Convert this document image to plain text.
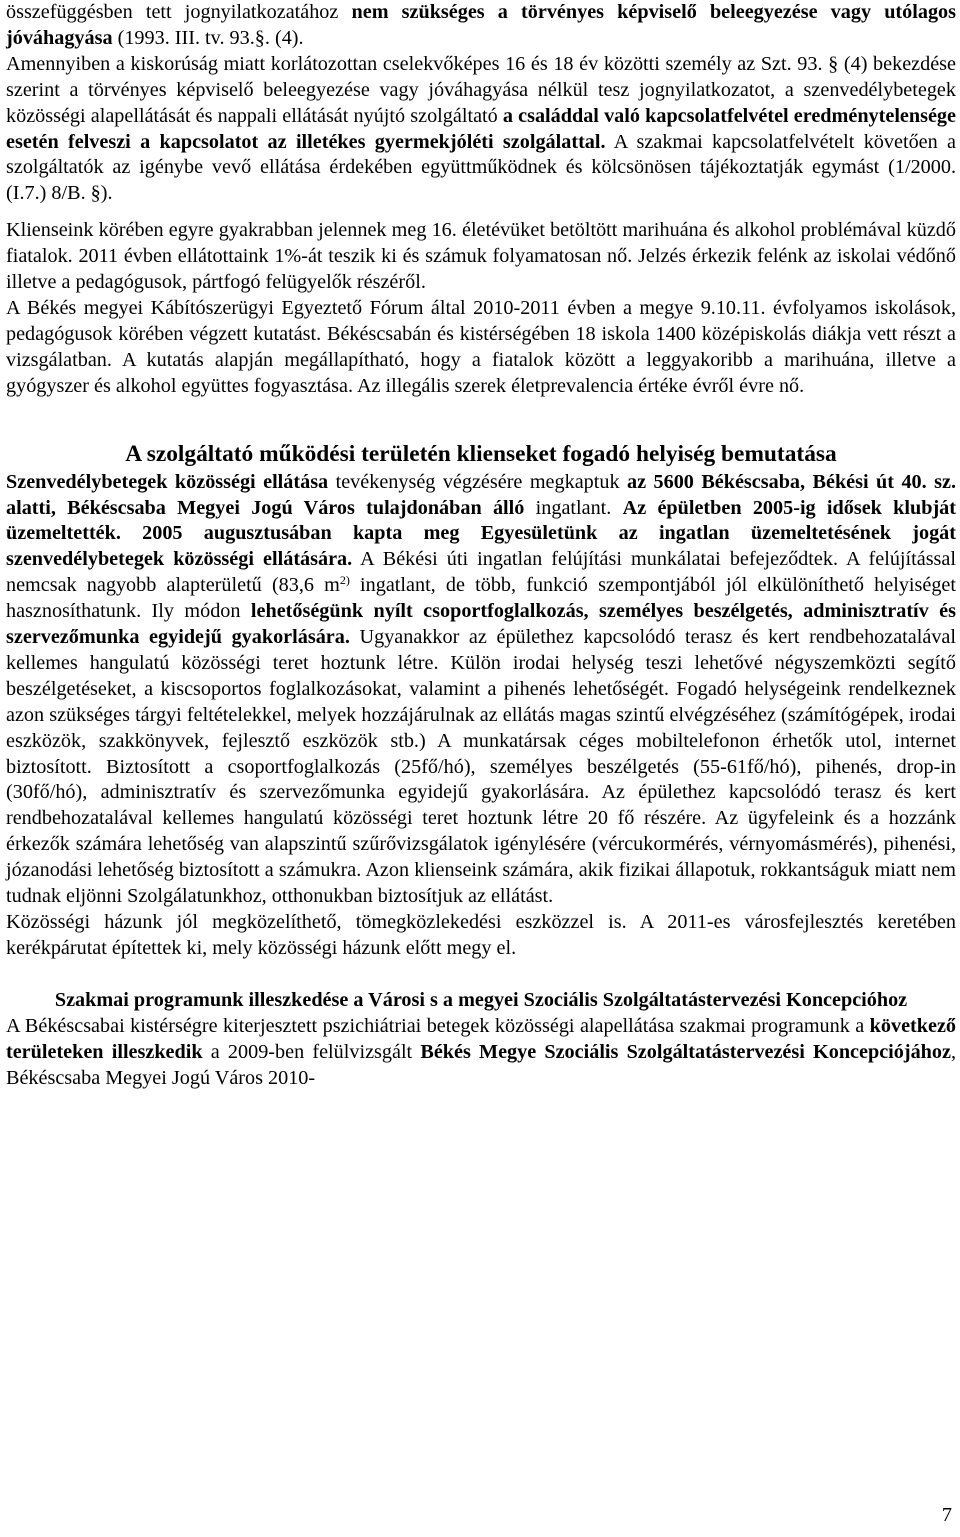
összefüggésben tett jognyilatkozatához nem szükséges a törvényes képviselő beleegyezése vagy utólagos jóváhagyása (1993. III. tv. 93.§. (4).
Amennyiben a kiskorúság miatt korlátozottan cselekvőképes 16 és 18 év közötti személy az Szt. 93. § (4) bekezdése szerint a törvényes képviselő beleegyezése vagy jóváhagyása nélkül tesz jognyilatkozatot, a szenvedélybetegek közösségi alapellátását és nappali ellátását nyújtó szolgáltató a családdal való kapcsolatfelvétel eredménytelensége esetén felveszi a kapcsolatot az illetékes gyermekjóléti szolgálattal. A szakmai kapcsolatfelvételt követően a szolgáltatók az igénybe vevő ellátása érdekében együttműködnek és kölcsönösen tájékoztatják egymást (1/2000. (I.7.) 8/B. §).

Klienseink körében egyre gyakrabban jelennek meg 16. életévüket betöltött marihuána és alkohol problémával küzdő fiatalok. 2011 évben ellátottaink 1%-át teszik ki és számuk folyamatosan nő. Jelzés érkezik felénk az iskolai védőnő illetve a pedagógusok, pártfogó felügyelők részéről.
A Békés megyei Kábítószerügyi Egyeztető Fórum által 2010-2011 évben a megye 9.10.11. évfolyamos iskolások, pedagógusok körében végzett kutatást. Békéscsabán és kistérségében 18 iskola 1400 középiskolás diákja vett részt a vizsgálatban. A kutatás alapján megállapítható, hogy a fiatalok között a leggyakoribb a marihuána, illetve a gyógyszer és alkohol együttes fogyasztása. Az illegális szerek életprevalencia értéke évről évre nő.

A szolgáltató működési területén klienseket fogadó helyiség bemutatása

Szenvedélybetegek közösségi ellátása tevékenység végzésére megkaptuk az 5600 Békéscsaba, Békési út 40. sz. alatti, Békéscsaba Megyei Jogú Város tulajdonában álló ingatlant. Az épületben 2005-ig idősek klubját üzemeltették. 2005 augusztusában kapta meg Egyesületünk az ingatlan üzemeltetésének jogát szenvedélybetegek közösségi ellátására. A Békési úti ingatlan felújítási munkálatai befejeződtek. A felújítással nemcsak nagyobb alapterületű (83,6 $m^{2)}$ ingatlant, de több, funkció szempontjából jól elkülöníthető helyiséget hasznosíthatunk. Ily módon lehetőségünk nyílt csoportfoglalkozás, személyes beszélgetés, adminisztratív és szervezőmunka egyidejű gyakorlására. Ugyanakkor az épülethez kapcsolódó terasz és kert rendbehozatalával kellemes hangulatú közösségi teret hoztunk létre. Külön irodai helység teszi lehetővé négyszemközti segítő beszélgetéseket, a kiscsoportos foglalkozásokat, valamint a pihenés lehetőségét. Fogadó helységeink rendelkeznek azon szükséges tárgyi feltételekkel, melyek hozzájárulnak az ellátás magas szintű elvégzéséhez (számítógépek, irodai eszközök, szakkönyvek, fejlesztő eszközök stb.) A munkatársak céges mobiltelefonon érhetők utol, internet biztosított. Biztosított a csoportfoglalkozás (25fő/hó), személyes beszélgetés (55-61fő/hó), pihenés, drop-in (30fő/hó), adminisztratív és szervezőmunka egyidejű gyakorlására. Az épülethez kapcsolódó terasz és kert rendbehozatalával kellemes hangulatú közösségi teret hoztunk létre 20 fő részére. Az ügyfeleink és a hozzánk érkezők számára lehetőség van alapszintű szűrővizsgálatok igénylésére (vércukormérés, vérnyomásmérés), pihenési, józanodási lehetőség biztosított a számukra. Azon klienseink számára, akik fizikai állapotuk, rokkantságuk miatt nem tudnak eljönni Szolgálatunkhoz, otthonukban biztosítjuk az ellátást.
Közösségi házunk jól megközelíthető, tömegközlekedési eszközzel is. A 2011-es városfejlesztés keretében kerékpárutat építettek ki, mely közösségi házunk előtt megy el.

Szakmai programunk illeszkedése a Városi s a megyei Szociális Szolgáltatástervezési Koncepcióhoz

A Békéscsabai kistérségre kiterjesztett pszichiátriai betegek közösségi alapellátása szakmai programunk a következő területeken illeszkedik a 2009-ben felülvizsgált Békés Megye Szociális Szolgáltatástervezési Koncepciójához, Békéscsaba Megyei Jogú Város 2010-

7
